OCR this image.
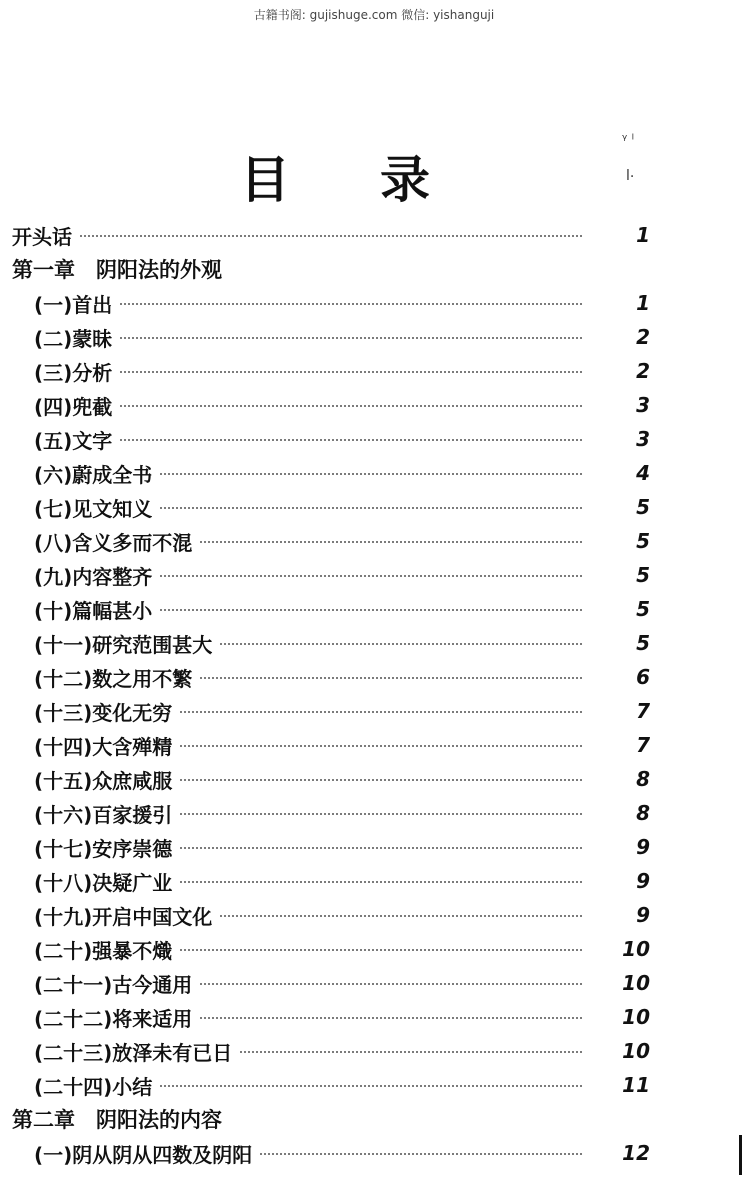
古籍书阁: gujishuge.com 微信: yishanguji
目录
开头话	1
第一章　阴阳法的外观
(一)首出	1
(二)蒙昧	2
(三)分析	2
(四)兜截	3
(五)文字	3
(六)蔚成全书	4
(七)见文知义	5
(八)含义多而不混	5
(九)内容整齐	5
(十)篇幅甚小	5
(十一)研究范围甚大	5
(十二)数之用不繁	6
(十三)变化无穷	7
(十四)大含殚精	7
(十五)众庶咸服	8
(十六)百家援引	8
(十七)安序崇德	9
(十八)决疑广业	9
(十九)开启中国文化	9
(二十)强暴不熾	10
(二十一)古今通用	10
(二十二)将来适用	10
(二十三)放泽未有已日	10
(二十四)小结	11
第二章　阴阳法的内容
(一)阴从阴从四数及阴阳	12
ᵞ ˡ
ꞁ.
